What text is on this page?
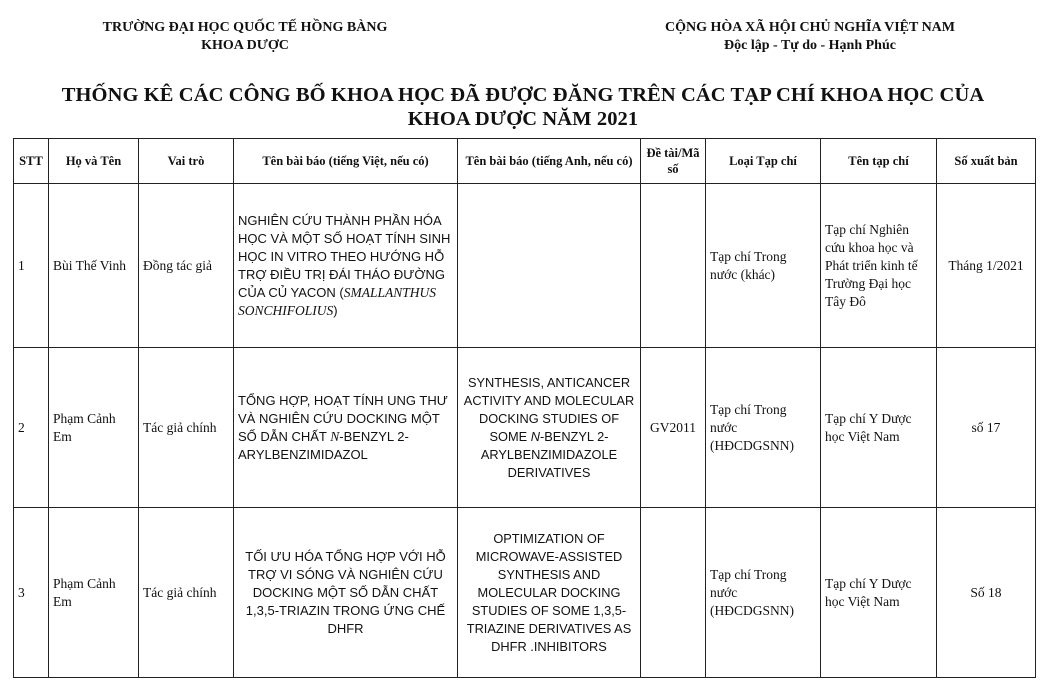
TRƯỜNG ĐẠI HỌC QUỐC TẾ HỒNG BÀNG
KHOA DƯỢC
CỘNG HÒA XÃ HỘI CHỦ NGHĨA VIỆT NAM
Độc lập - Tự do - Hạnh Phúc
THỐNG KÊ CÁC CÔNG BỐ KHOA HỌC ĐÃ ĐƯỢC ĐĂNG TRÊN CÁC TẠP CHÍ KHOA HỌC CỦA
KHOA DƯỢC NĂM 2021
STT	Họ và Tên	Vai trò	Tên bài báo (tiếng Việt, nếu có)	Tên bài báo (tiếng Anh, nếu có)	Đề tài/Mã số	Loại Tạp chí	Tên tạp chí	Số xuất bản
1	Bùi Thế Vinh	Đồng tác giả	NGHIÊN CỨU THÀNH PHẦN HÓA HỌC VÀ MỘT SỐ HOẠT TÍNH SINH HỌC IN VITRO THEO HƯỚNG HỖ TRỢ ĐIỀU TRỊ ĐÁI THÁO ĐƯỜNG CỦA CỦ YACON (SMALLANTHUS SONCHIFOLIUS)			Tạp chí Trong nước (khác)	Tạp chí Nghiên cứu khoa học và Phát triển kinh tế Trường Đại học Tây Đô	Tháng 1/2021
2	Phạm Cảnh Em	Tác giả chính	TỔNG HỢP, HOẠT TÍNH UNG THƯ VÀ NGHIÊN CỨU DOCKING MỘT SỐ DẪN CHẤT N-BENZYL 2-ARYLBENZIMIDAZOL	SYNTHESIS, ANTICANCER ACTIVITY AND MOLECULAR DOCKING STUDIES OF SOME N-BENZYL 2-ARYLBENZIMIDAZOLE DERIVATIVES	GV2011	Tạp chí Trong nước (HĐCDGSNN)	Tạp chí Y Dược học Việt Nam	số 17
3	Phạm Cảnh Em	Tác giả chính	TỐI ƯU HÓA TỔNG HỢP VỚI HỖ TRỢ VI SÓNG VÀ NGHIÊN CỨU DOCKING MỘT SỐ DẪN CHẤT 1,3,5-TRIAZIN TRONG ỨNG CHẾ DHFR	OPTIMIZATION OF MICROWAVE-ASSISTED SYNTHESIS AND MOLECULAR DOCKING STUDIES OF SOME 1,3,5-TRIAZINE DERIVATIVES AS DHFR .INHIBITORS		Tạp chí Trong nước (HĐCDGSNN)	Tạp chí Y Dược học Việt Nam	Số 18
